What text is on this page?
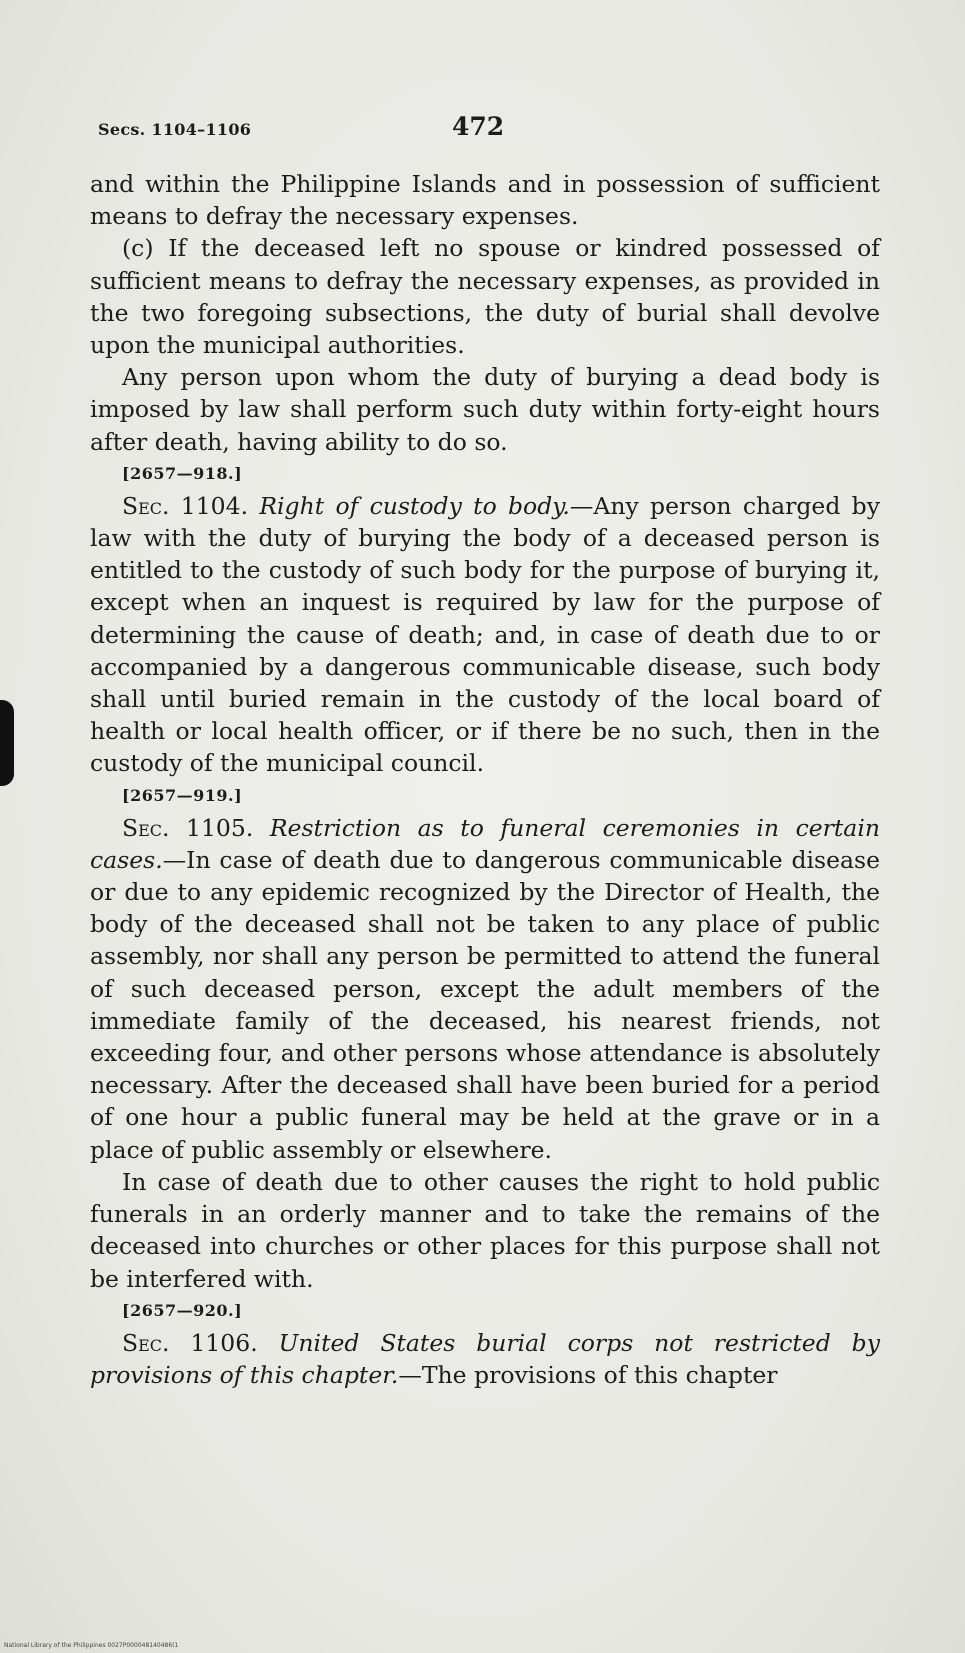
Secs. 1104–1106	472

and within the Philippine Islands and in possession of sufficient means to defray the necessary expenses.

(c) If the deceased left no spouse or kindred possessed of sufficient means to defray the necessary expenses, as provided in the two foregoing subsections, the duty of burial shall devolve upon the municipal authorities.

Any person upon whom the duty of burying a dead body is imposed by law shall perform such duty within forty-eight hours after death, having ability to do so.

[2657—918.]

Sec. 1104. Right of custody to body.—Any person charged by law with the duty of burying the body of a deceased person is entitled to the custody of such body for the purpose of burying it, except when an inquest is required by law for the purpose of determining the cause of death; and, in case of death due to or accompanied by a dangerous communicable disease, such body shall until buried remain in the custody of the local board of health or local health officer, or if there be no such, then in the custody of the municipal council.

[2657—919.]

Sec. 1105. Restriction as to funeral ceremonies in certain cases.—In case of death due to dangerous communicable disease or due to any epidemic recognized by the Director of Health, the body of the deceased shall not be taken to any place of public assembly, nor shall any person be permitted to attend the funeral of such deceased person, except the adult members of the immediate family of the deceased, his nearest friends, not exceeding four, and other persons whose attendance is absolutely necessary. After the deceased shall have been buried for a period of one hour a public funeral may be held at the grave or in a place of public assembly or elsewhere.

In case of death due to other causes the right to hold public funerals in an orderly manner and to take the remains of the deceased into churches or other places for this purpose shall not be interfered with.

[2657—920.]

Sec. 1106. United States burial corps not restricted by provisions of this chapter.—The provisions of this chapter

National Library of the Philippines 0027P000048140486(1
